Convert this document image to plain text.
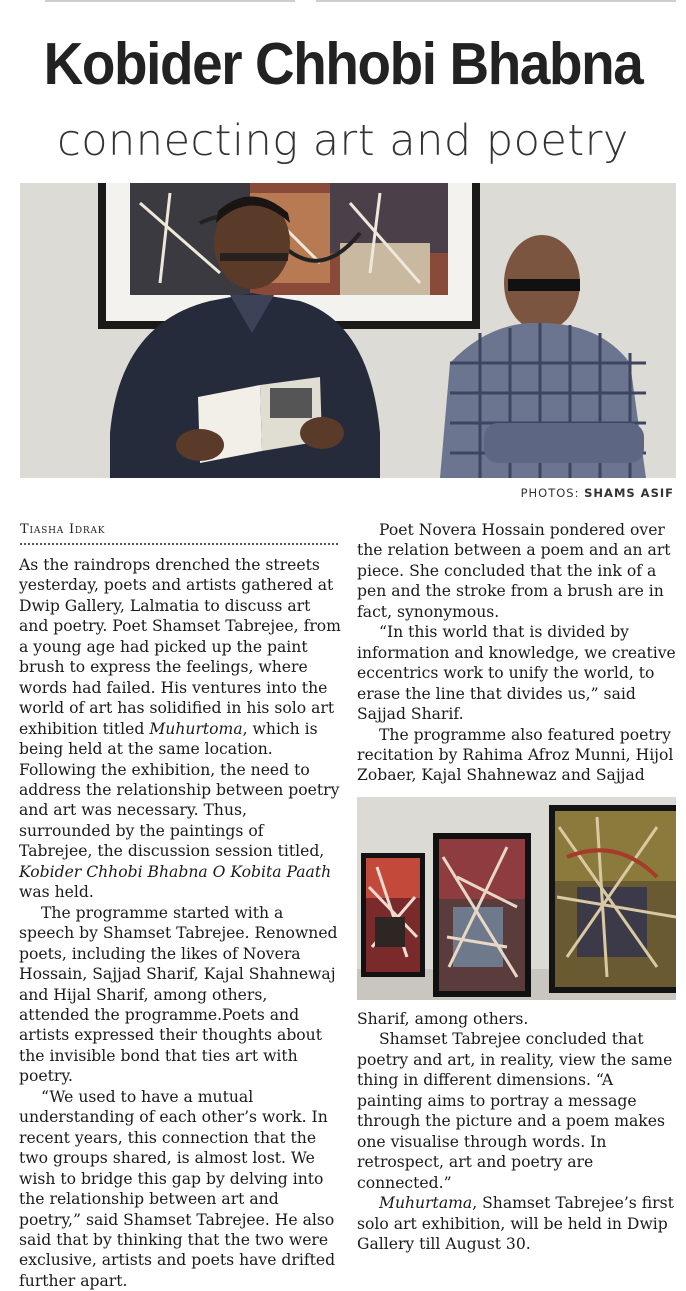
Kobider Chhobi Bhabna
connecting art and poetry
PHOTOS: SHAMS ASIF
Tiasha Idrak

As the raindrops drenched the streets yesterday, poets and artists gathered at Dwip Gallery, Lalmatia to discuss art and poetry. Poet Shamset Tabrejee, from a young age had picked up the paint brush to express the feelings, where words had failed. His ventures into the world of art has solidified in his solo art exhibition titled Muhurtoma, which is being held at the same location. Following the exhibition, the need to address the relationship between poetry and art was necessary. Thus, surrounded by the paintings of Tabrejee, the discussion session titled, Kobider Chhobi Bhabna O Kobita Paath was held.

The programme started with a speech by Shamset Tabrejee. Renowned poets, including the likes of Novera Hossain, Sajjad Sharif, Kajal Shahnewaj and Hijal Sharif, among others, attended the programme.Poets and artists expressed their thoughts about the invisible bond that ties art with poetry.

“We used to have a mutual understanding of each other’s work. In recent years, this connection that the two groups shared, is almost lost. We wish to bridge this gap by delving into the relationship between art and poetry,” said Shamset Tabrejee. He also said that by thinking that the two were exclusive, artists and poets have drifted further apart.

Poet Novera Hossain pondered over the relation between a poem and an art piece. She concluded that the ink of a pen and the stroke from a brush are in fact, synonymous.

“In this world that is divided by information and knowledge, we creative eccentrics work to unify the world, to erase the line that divides us,” said Sajjad Sharif.

The programme also featured poetry recitation by Rahima Afroz Munni, Hijol Zobaer, Kajal Shahnewaz and Sajjad

Sharif, among others.

Shamset Tabrejee concluded that poetry and art, in reality, view the same thing in different dimensions. “A painting aims to portray a message through the picture and a poem makes one visualise through words. In retrospect, art and poetry are connected.”

Muhurtama, Shamset Tabrejee’s first solo art exhibition, will be held in Dwip Gallery till August 30.
